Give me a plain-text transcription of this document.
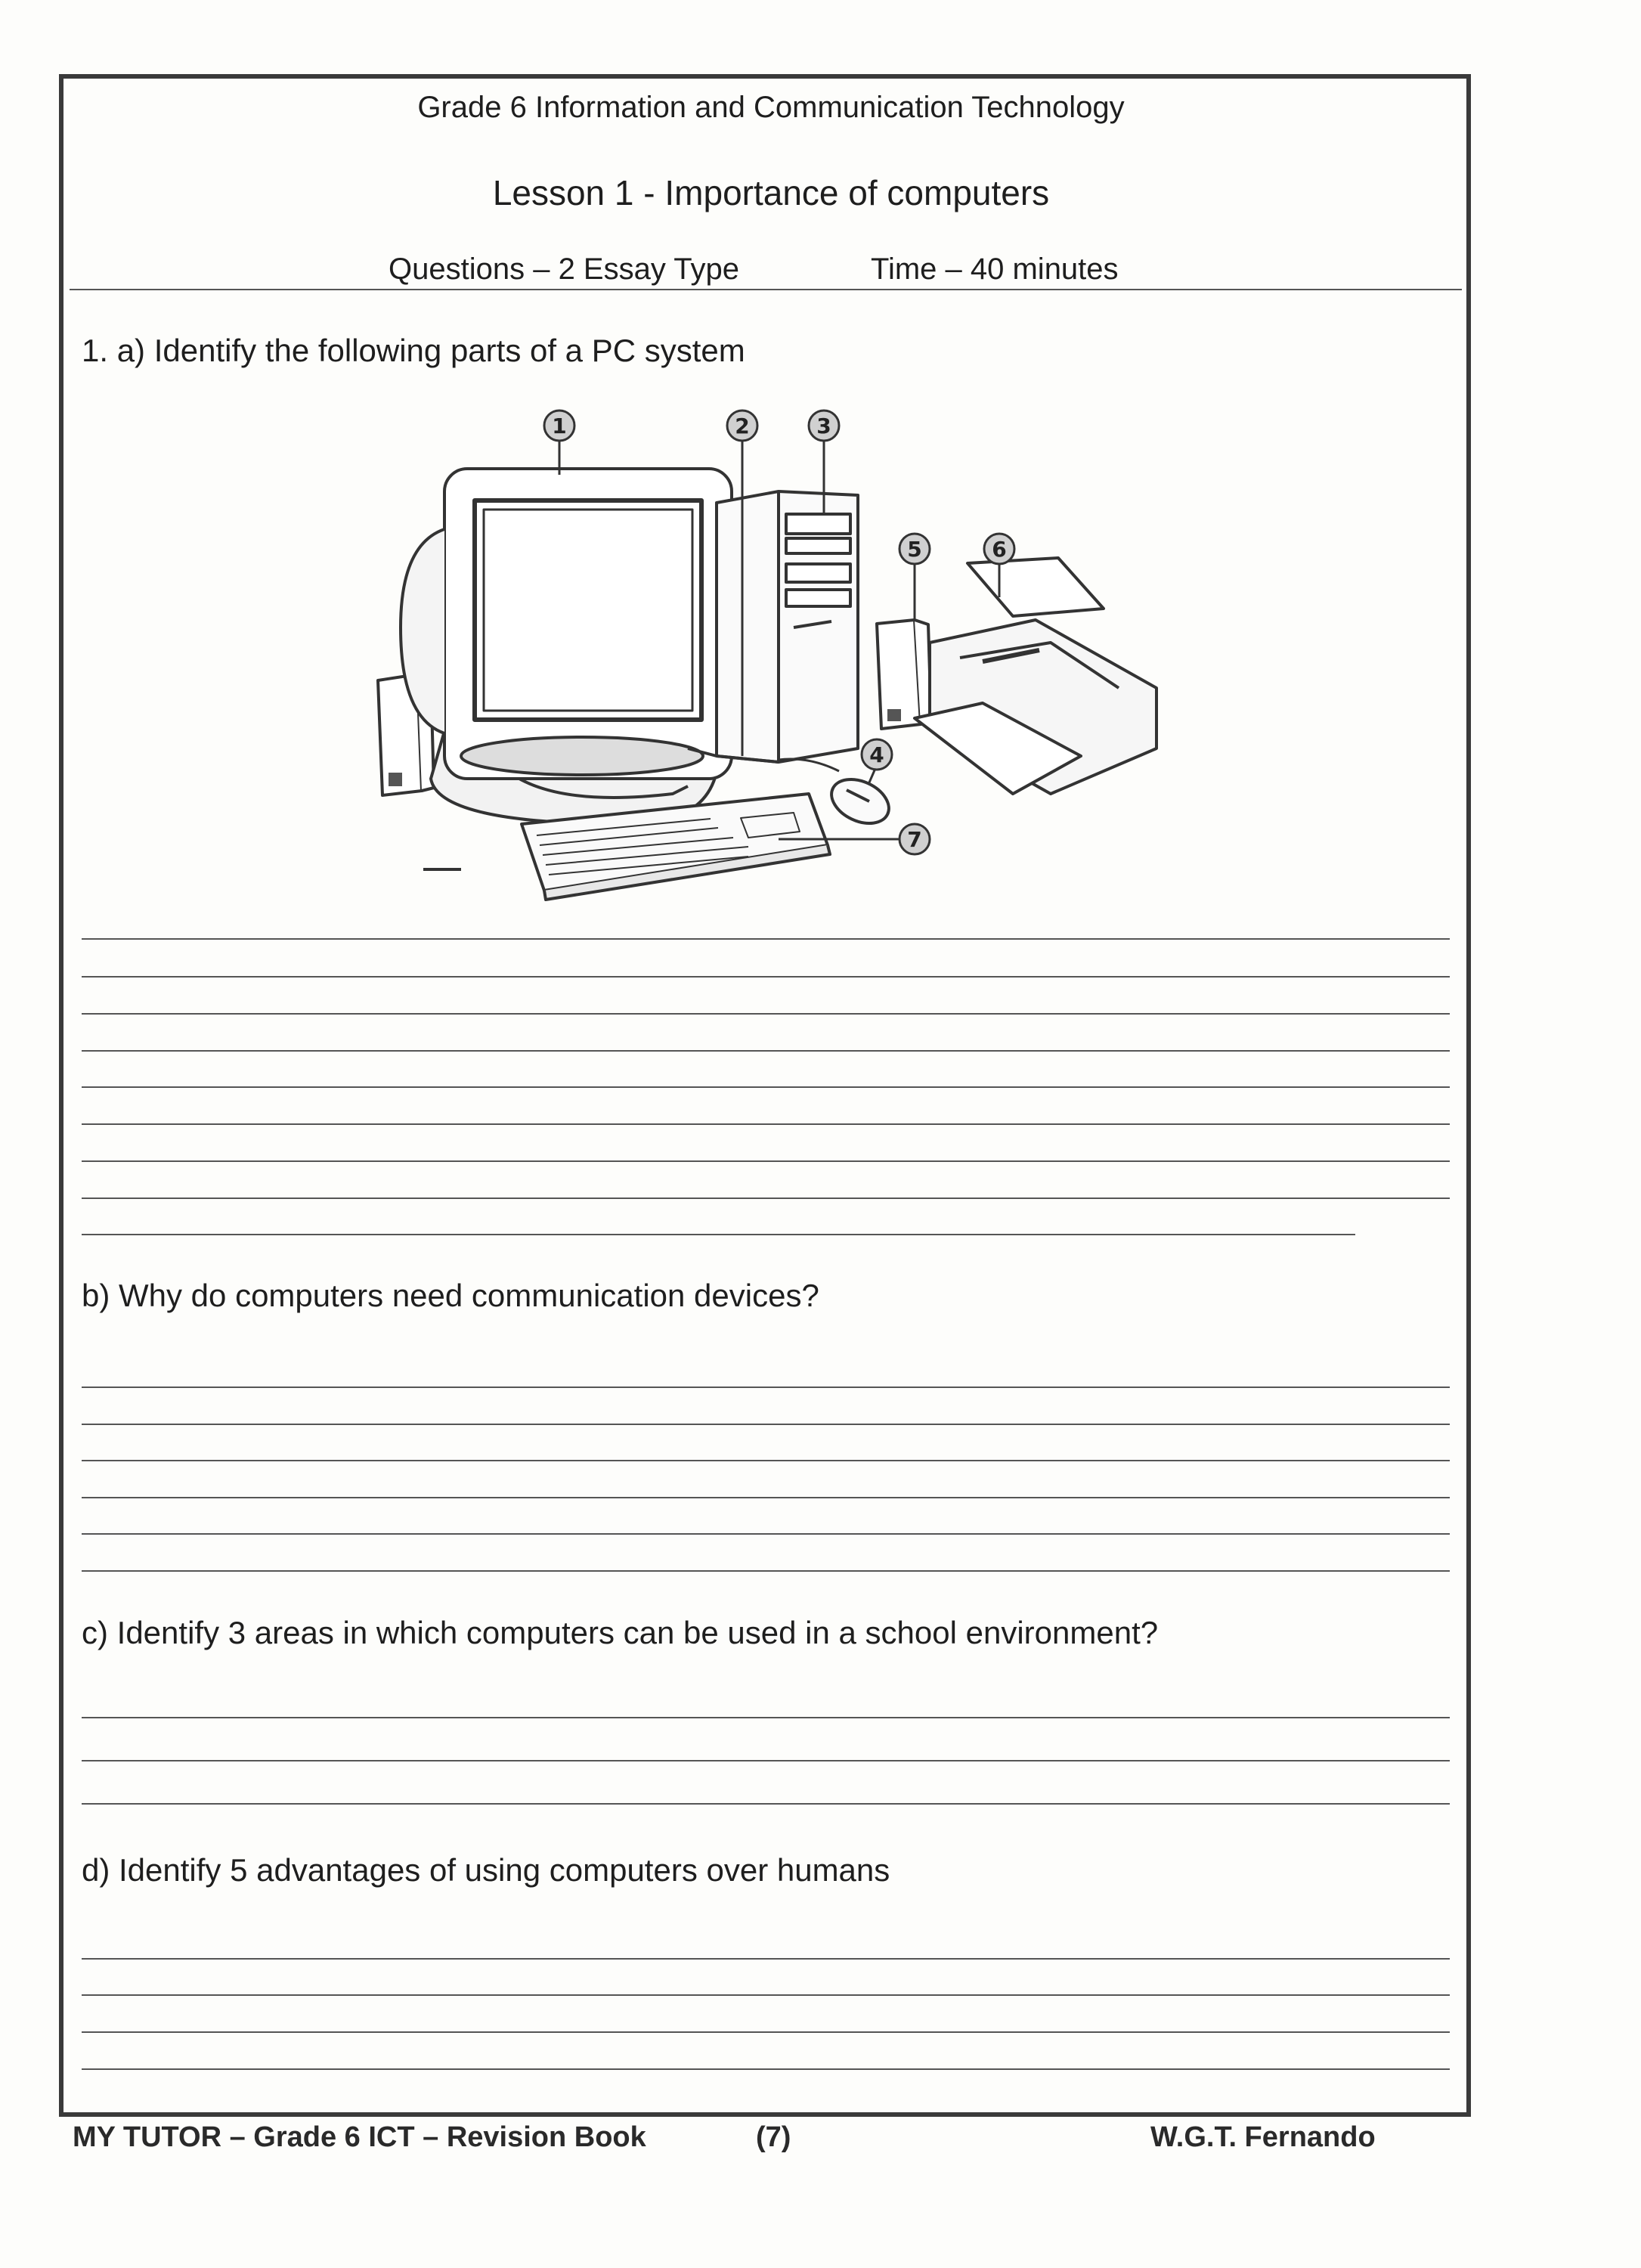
Grade 6 Information and Communication Technology
Lesson 1 - Importance of computers
Questions – 2 Essay Type	Time – 40 minutes
1. a) Identify the following parts of a PC system
1	2	3
4
5	6
7
b) Why do computers need communication devices?
c) Identify 3 areas in which computers can be used in a school environment?
d) Identify 5 advantages of using computers over humans
MY TUTOR – Grade 6 ICT – Revision Book	(7)	W.G.T. Fernando
